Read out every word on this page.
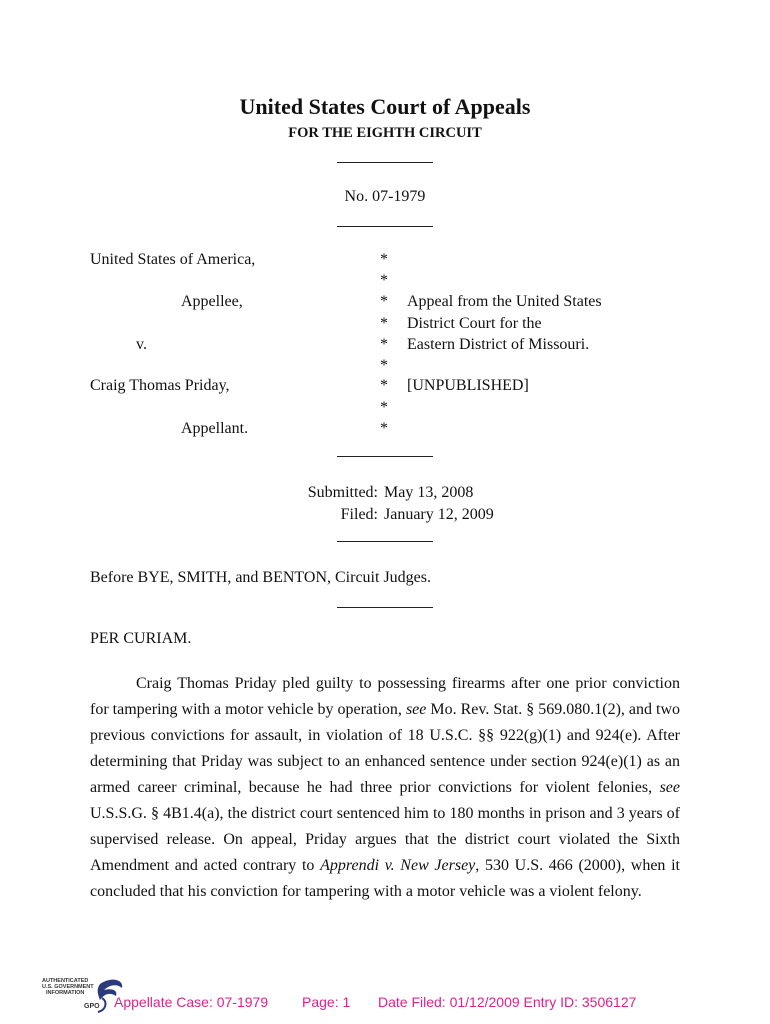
United States Court of Appeals
FOR THE EIGHTH CIRCUIT
No. 07-1979
United States of America,
Appellee,
v.
Craig Thomas Priday,
Appellant.
*
*
*
*
*
*
*
*
*
Appeal from the United States
District Court for the
Eastern District of Missouri.
[UNPUBLISHED]
Submitted: May 13, 2008
Filed: January 12, 2009
Before BYE, SMITH, and BENTON, Circuit Judges.
PER CURIAM.

Craig Thomas Priday pled guilty to possessing firearms after one prior conviction for tampering with a motor vehicle by operation, see Mo. Rev. Stat. § 569.080.1(2), and two previous convictions for assault, in violation of 18 U.S.C. §§ 922(g)(1) and 924(e). After determining that Priday was subject to an enhanced sentence under section 924(e)(1) as an armed career criminal, because he had three prior convictions for violent felonies, see U.S.S.G. § 4B1.4(a), the district court sentenced him to 180 months in prison and 3 years of supervised release. On appeal, Priday argues that the district court violated the Sixth Amendment and acted contrary to Apprendi v. New Jersey, 530 U.S. 466 (2000), when it concluded that his conviction for tampering with a motor vehicle was a violent felony.

AUTHENTICATED
U.S. GOVERNMENT
INFORMATION
GPO Appellate Case: 07-1979 Page: 1 Date Filed: 01/12/2009 Entry ID: 3506127
